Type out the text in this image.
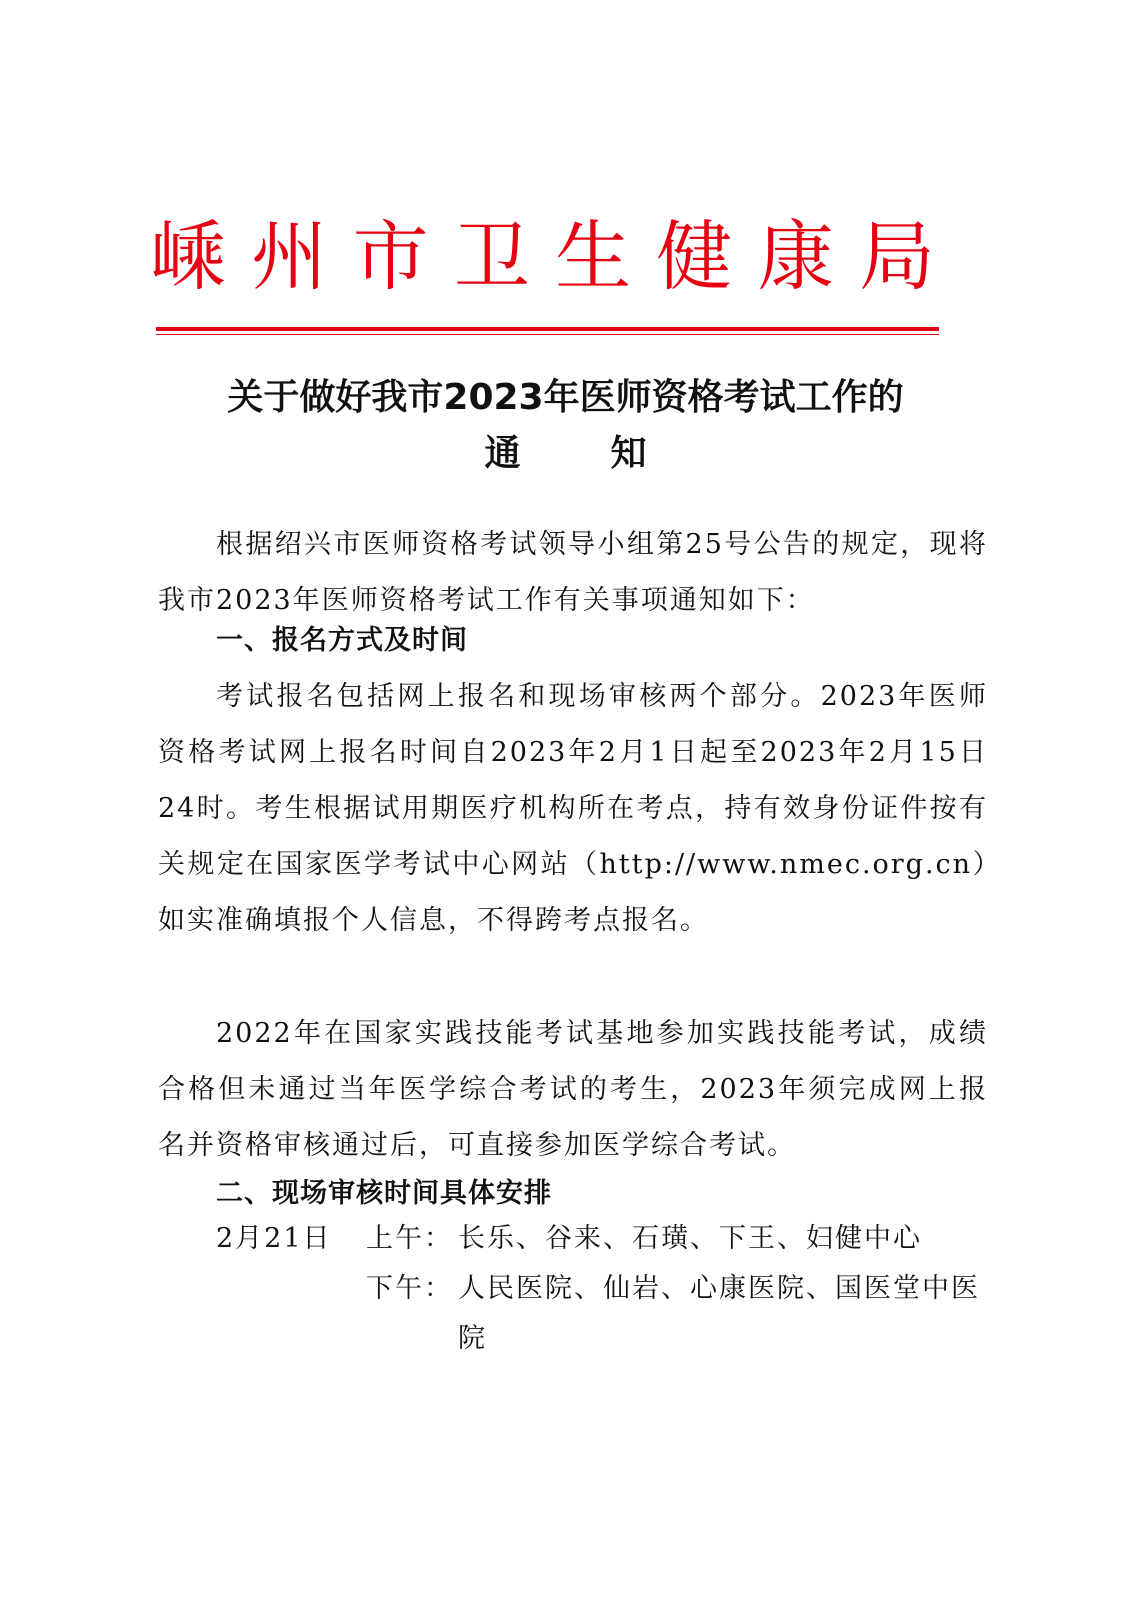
嵊 州 市 卫 生 健 康 局
关于做好我市2023年医师资格考试工作的
通知

根据绍兴市医师资格考试领导小组第25号公告的规定，现将我市2023年医师资格考试工作有关事项通知如下：

一、报名方式及时间

考试报名包括网上报名和现场审核两个部分。2023年医师资格考试网上报名时间自2023年2月1日起至2023年2月15日24时。考生根据试用期医疗机构所在考点，持有效身份证件按有关规定在国家医学考试中心网站（http://www.nmec.org.cn）如实准确填报个人信息，不得跨考点报名。

2022年在国家实践技能考试基地参加实践技能考试，成绩合格但未通过当年医学综合考试的考生，2023年须完成网上报名并资格审核通过后，可直接参加医学综合考试。

二、现场审核时间具体安排

2月21日	上午： 长乐、谷来、石璜、下王、妇健中心
下午： 人民医院、仙岩、心康医院、国医堂中医院
